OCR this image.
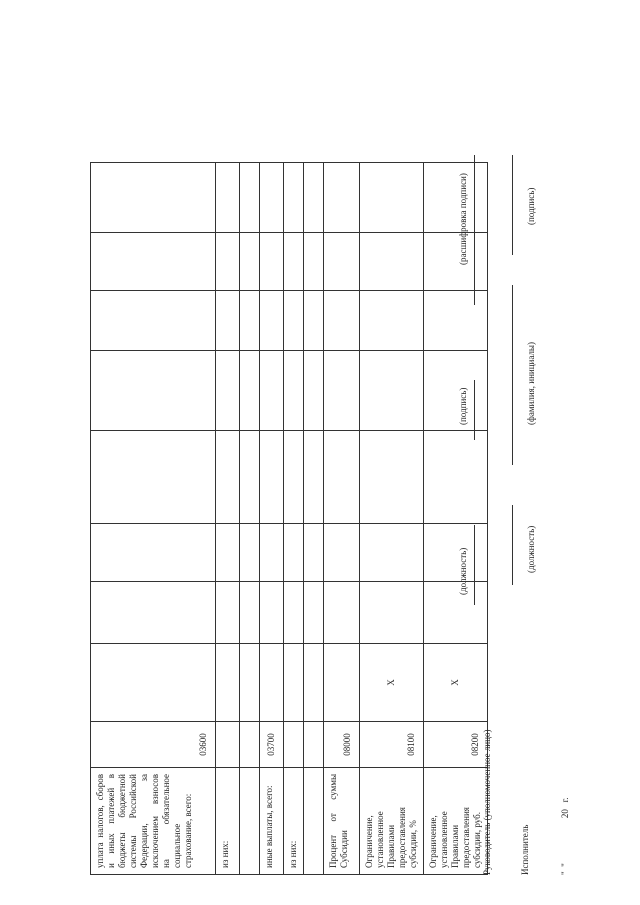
уплата налогов, сборов и иных платежей в бюджеты бюджетной системы Российской Федерации, за исключением взносов на обязательное социальное страхование, всего:	03600								
из них:									

иные выплаты, всего:	03700								
из них:									

Процент от суммы Субсидии	08000								
Ограничение, установленное Правилами предоставления субсидии, %	08100	X							
Ограничение, установленное Правилами предоставления субсидии, руб.	08200	X							
(должность)
(подпись)
(расшифровка подписи)
Руководитель (уполномоченное лицо)
(должность)
(фамилия, инициалы)
(подпись)
Исполнитель	"  "                    20   г.
